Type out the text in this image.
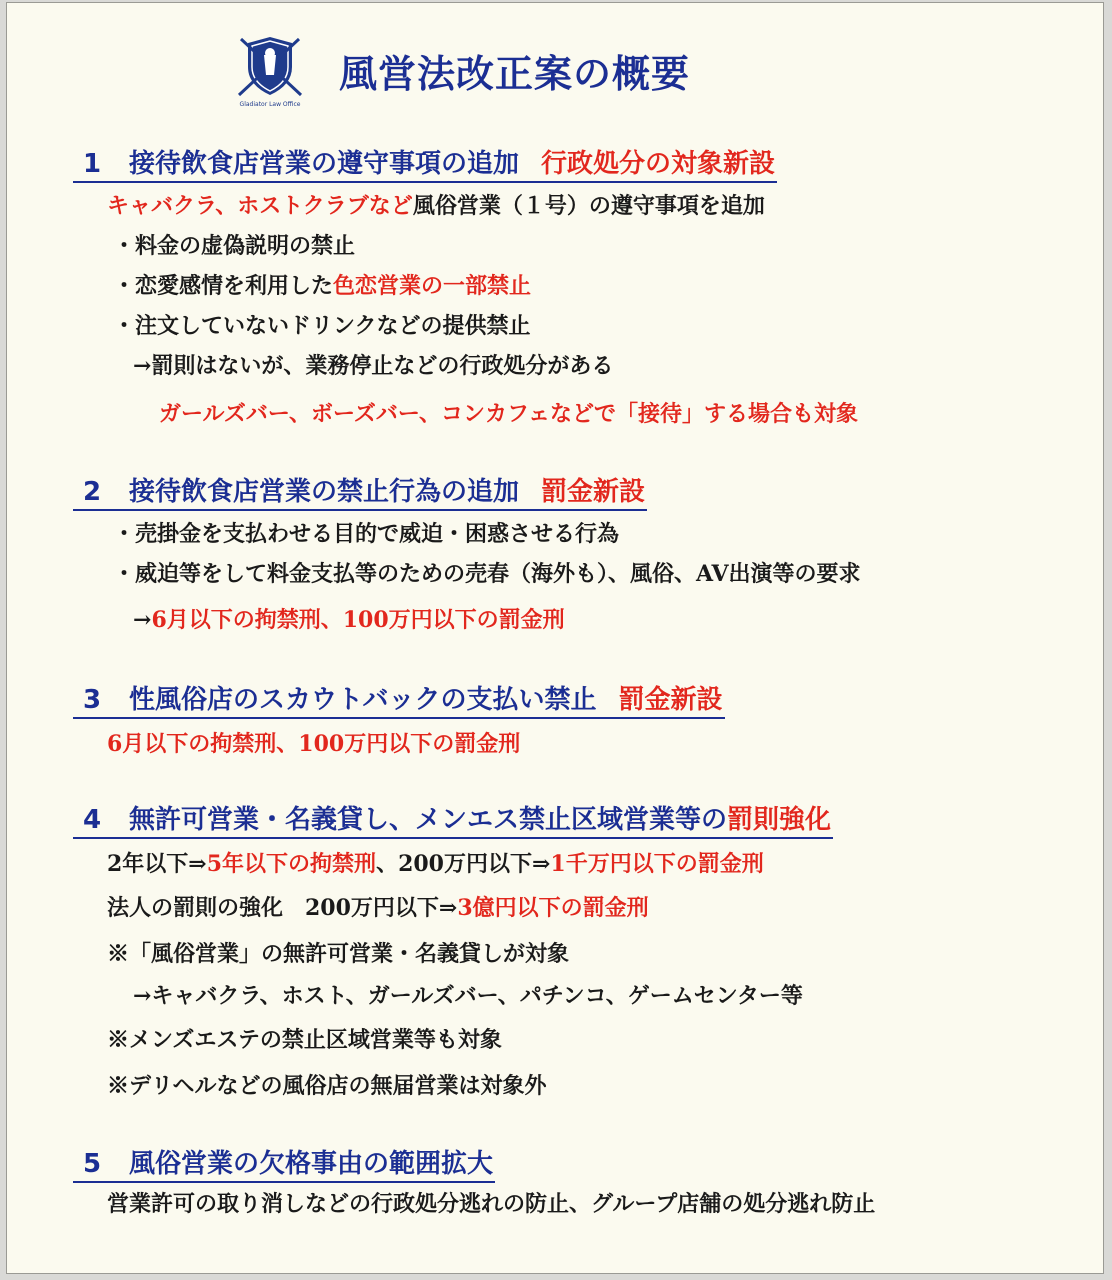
Gladiator Law Office
風営法改正案の概要
1 接待飲食店営業の遵守事項の追加 行政処分の対象新設
キャバクラ、ホストクラブなど風俗営業（１号）の遵守事項を追加
・料金の虚偽説明の禁止
・恋愛感情を利用した色恋営業の一部禁止
・注文していないドリンクなどの提供禁止
→罰則はないが、業務停止などの行政処分がある
ガールズバー、ボーズバー、コンカフェなどで「接待」する場合も対象
2 接待飲食店営業の禁止行為の追加 罰金新設
・売掛金を支払わせる目的で威迫・困惑させる行為
・威迫等をして料金支払等のための売春（海外も）、風俗、AV出演等の要求
→6月以下の拘禁刑、100万円以下の罰金刑
3 性風俗店のスカウトバックの支払い禁止 罰金新設
6月以下の拘禁刑、100万円以下の罰金刑
4 無許可営業・名義貸し、メンエス禁止区域営業等の罰則強化
2年以下⇒5年以下の拘禁刑、200万円以下⇒1千万円以下の罰金刑
法人の罰則の強化　200万円以下⇒3億円以下の罰金刑
※「風俗営業」の無許可営業・名義貸しが対象
→キャバクラ、ホスト、ガールズバー、パチンコ、ゲームセンター等
※メンズエステの禁止区域営業等も対象
※デリヘルなどの風俗店の無届営業は対象外
5 風俗営業の欠格事由の範囲拡大
営業許可の取り消しなどの行政処分逃れの防止、グループ店舗の処分逃れ防止
